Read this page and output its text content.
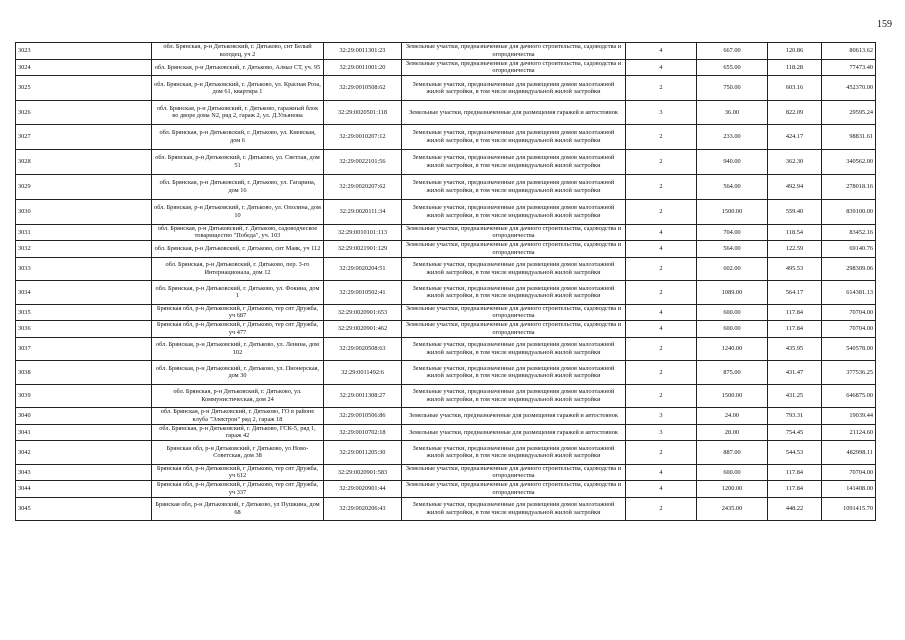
159
3023	обл. Брянская, р-н Дятьковский, г. Дятьково, снт Белый колодец, уч 2	32:29:0011301:23	Земельные участки, предназначенные для дачного строительства, садоводства и огородничества	4	667.00	120.86	80613.62
3024	обл. Брянская, р-н Дятьковский, г. Дятьково, Алмаз СТ, уч. 95	32:29:0011001:20	Земельные участки, предназначенные для дачного строительства, садоводства и огородничества	4	655.00	118.28	77473.40
3025	обл. Брянская, р-н Дятьковский, г. Дятьково, ул. Красная Роза, дом 61, квартира 1	32:29:0010508:62	Земельные участки, предназначенные для размещения домов малоэтажной жилой застройки, в том числе индивидуальной жилой застройки	2	750.00	603.16	452370.00
3026	обл. Брянская, р-н Дятьковский, г. Дятьково, гаражный блок во дворе дома N2, ряд 2, гараж 2, ул. Д.Ульянова	32:29:0020501:118	Земельные участки, предназначенные для размещения гаражей и автостоянок	3	36.00	822.09	29595.24
3027	обл. Брянская, р-н Дятьковский, г. Дятьково, ул. Киевская, дом 6	32:29:0010207:12	Земельные участки, предназначенные для размещения домов малоэтажной жилой застройки, в том числе индивидуальной жилой застройки	2	233.00	424.17	98831.61
3028	обл. Брянская, р-н Дятьковский, г. Дятьково, ул. Светлая, дом 51	32:29:0022101:56	Земельные участки, предназначенные для размещения домов малоэтажной жилой застройки, в том числе индивидуальной жилой застройки	2	940.00	362.30	340562.00
3029	обл. Брянская, р-н Дятьковский, г. Дятьково, ул. Гагарина, дом 16	32:29:0020207:62	Земельные участки, предназначенные для размещения домов малоэтажной жилой застройки, в том числе индивидуальной жилой застройки	2	564.00	492.94	278018.16
3030	обл. Брянская, р-н Дятьковский, г. Дятьково, ул. Ополина, дом 10	32:29:0020111:34	Земельные участки, предназначенные для размещения домов малоэтажной жилой застройки, в том числе индивидуальной жилой застройки	2	1500.00	559.40	839100.00
3031	обл. Брянская, р-н Дятьковский, г. Дятьково, садоводческое товарищество "Победа", уч. 103	32:29:0010101:113	Земельные участки, предназначенные для дачного строительства, садоводства и огородничества	4	704.00	118.54	83452.16
3032	обл. Брянская, р-н Дятьковский, г. Дятьково, снт Маяк, уч 112	32:29:0021901:129	Земельные участки, предназначенные для дачного строительства, садоводства и огородничества	4	564.00	122.59	69140.76
3033	обл. Брянская, р-н Дятьковский, г. Дятьково, пер. 3-го Интернационала, дом 12	32:29:0020204:51	Земельные участки, предназначенные для размещения домов малоэтажной жилой застройки, в том числе индивидуальной жилой застройки	2	602.00	495.53	298309.06
3034	обл. Брянская, р-н Дятьковский, г. Дятьково, ул. Фокина, дом 1	32:29:0010502:41	Земельные участки, предназначенные для размещения домов малоэтажной жилой застройки, в том числе индивидуальной жилой застройки	2	1089.00	564.17	614381.13
3035	Брянская обл, р-н Дятьковский, г Дятьково, тер снт Дружба, уч 687	32:29:0020901:653	Земельные участки, предназначенные для дачного строительства, садоводства и огородничества	4	600.00	117.84	70704.00
3036	Брянская обл, р-н Дятьковский, г Дятьково, тер снт Дружба, уч 477	32:29:0020901:462	Земельные участки, предназначенные для дачного строительства, садоводства и огородничества	4	600.00	117.84	70704.00
3037	обл. Брянская, р-н Дятьковский, г. Дятьково, ул. Ленина, дом 102	32:29:0020508:63	Земельные участки, предназначенные для размещения домов малоэтажной жилой застройки, в том числе индивидуальной жилой застройки	2	1240.00	435.95	540578.00
3038	обл. Брянская, р-н Дятьковский, г. Дятьково, ул. Пионерская, дом 30	32:29:0011492:6	Земельные участки, предназначенные для размещения домов малоэтажной жилой застройки, в том числе индивидуальной жилой застройки	2	875.00	431.47	377536.25
3039	обл. Брянская, р-н Дятьковский, г. Дятьково, ул. Коммунистическая, дом 24	32:29:0011308:27	Земельные участки, предназначенные для размещения домов малоэтажной жилой застройки, в том числе индивидуальной жилой застройки	2	1500.00	431.25	646875.00
3040	обл. Брянская, р-н Дятьковский, г. Дятьково, ГО в районе клуба "Электрон" ряд 2, гараж 18	32:29:0010506:86	Земельные участки, предназначенные для размещения гаражей и автостоянок	3	24.00	793.31	19039.44
3041	обл. Брянская, р-н Дятьковский, г. Дятьково, ГСК-5, ряд 1, гараж 42	32:29:0010702:18	Земельные участки, предназначенные для размещения гаражей и автостоянок	3	28.00	754.45	21124.60
3042	Брянская обл, р-н Дятьковский, г Дятьково, ул Ново-Советская, дом 38	32:29:0011205:30	Земельные участки, предназначенные для размещения домов малоэтажной жилой застройки, в том числе индивидуальной жилой застройки	2	887.00	544.53	482998.11
3043	Брянская обл, р-н Дятьковский, г Дятьково, тер снт Дружба, уч 612	32:29:0020901:583	Земельные участки, предназначенные для дачного строительства, садоводства и огородничества	4	600.00	117.84	70704.00
3044	Брянская обл, р-н Дятьковский, г Дятьково, тер снт Дружба, уч 337	32:29:0020901:44	Земельные участки, предназначенные для дачного строительства, садоводства и огородничества	4	1200.00	117.84	141408.00
3045	Брянская обл, р-н Дятьковский, г Дятьково, ул Пушкина, дом 68	32:29:0020206:43	Земельные участки, предназначенные для размещения домов малоэтажной жилой застройки, в том числе индивидуальной жилой застройки	2	2435.00	448.22	1091415.70
